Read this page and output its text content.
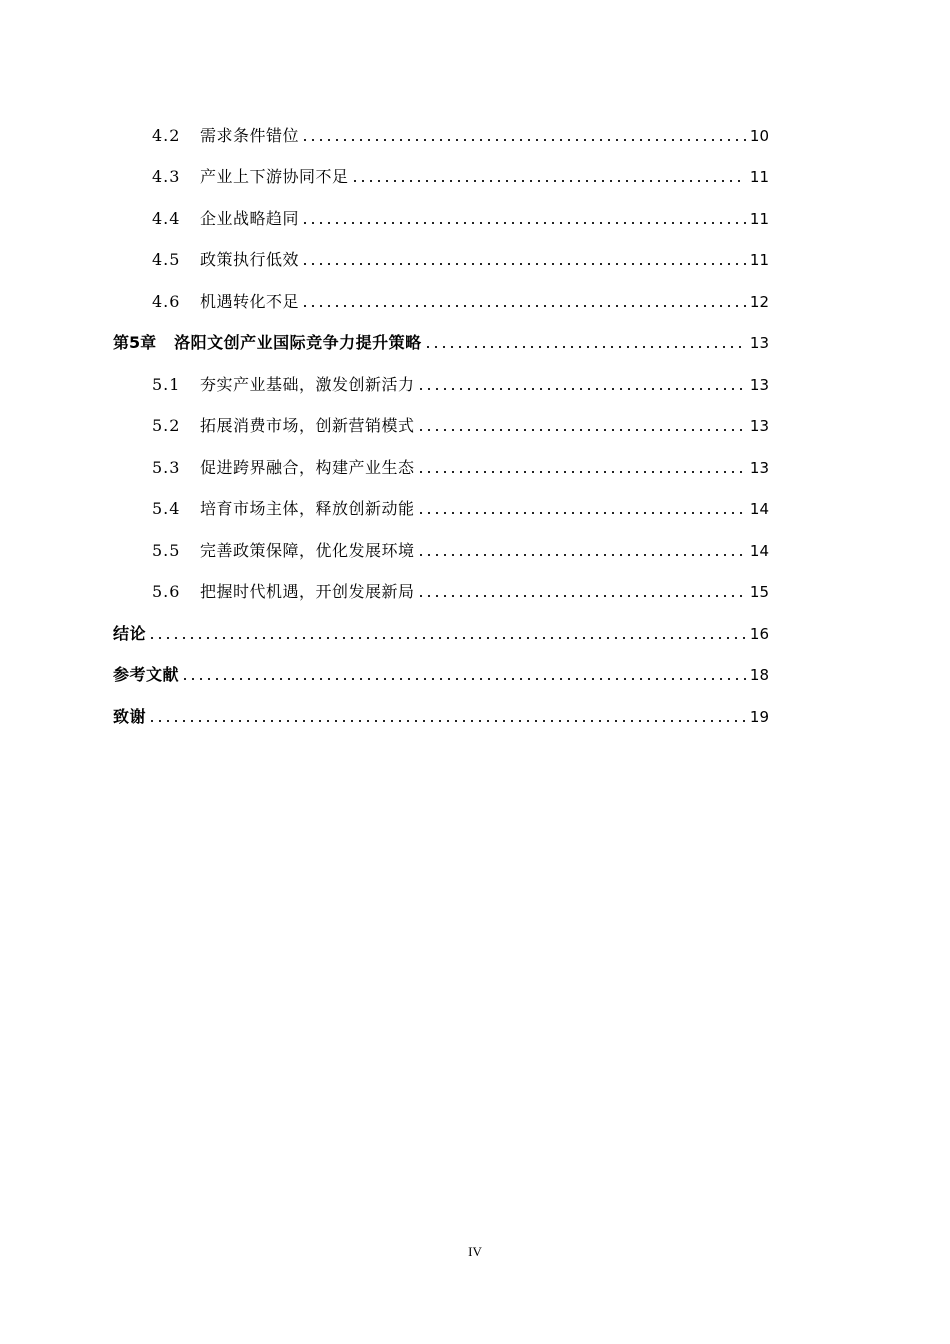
4.2	需求条件错位	10
4.3	产业上下游协同不足	11
4.4	企业战略趋同	11
4.5	政策执行低效	11
4.6	机遇转化不足	12
第5章 洛阳文创产业国际竞争力提升策略	13
5.1	夯实产业基础，激发创新活力	13
5.2	拓展消费市场，创新营销模式	13
5.3	促进跨界融合，构建产业生态	13
5.4	培育市场主体，释放创新动能	14
5.5	完善政策保障，优化发展环境	14
5.6	把握时代机遇，开创发展新局	15
结论	16
参考文献	18
致谢	19
IV
